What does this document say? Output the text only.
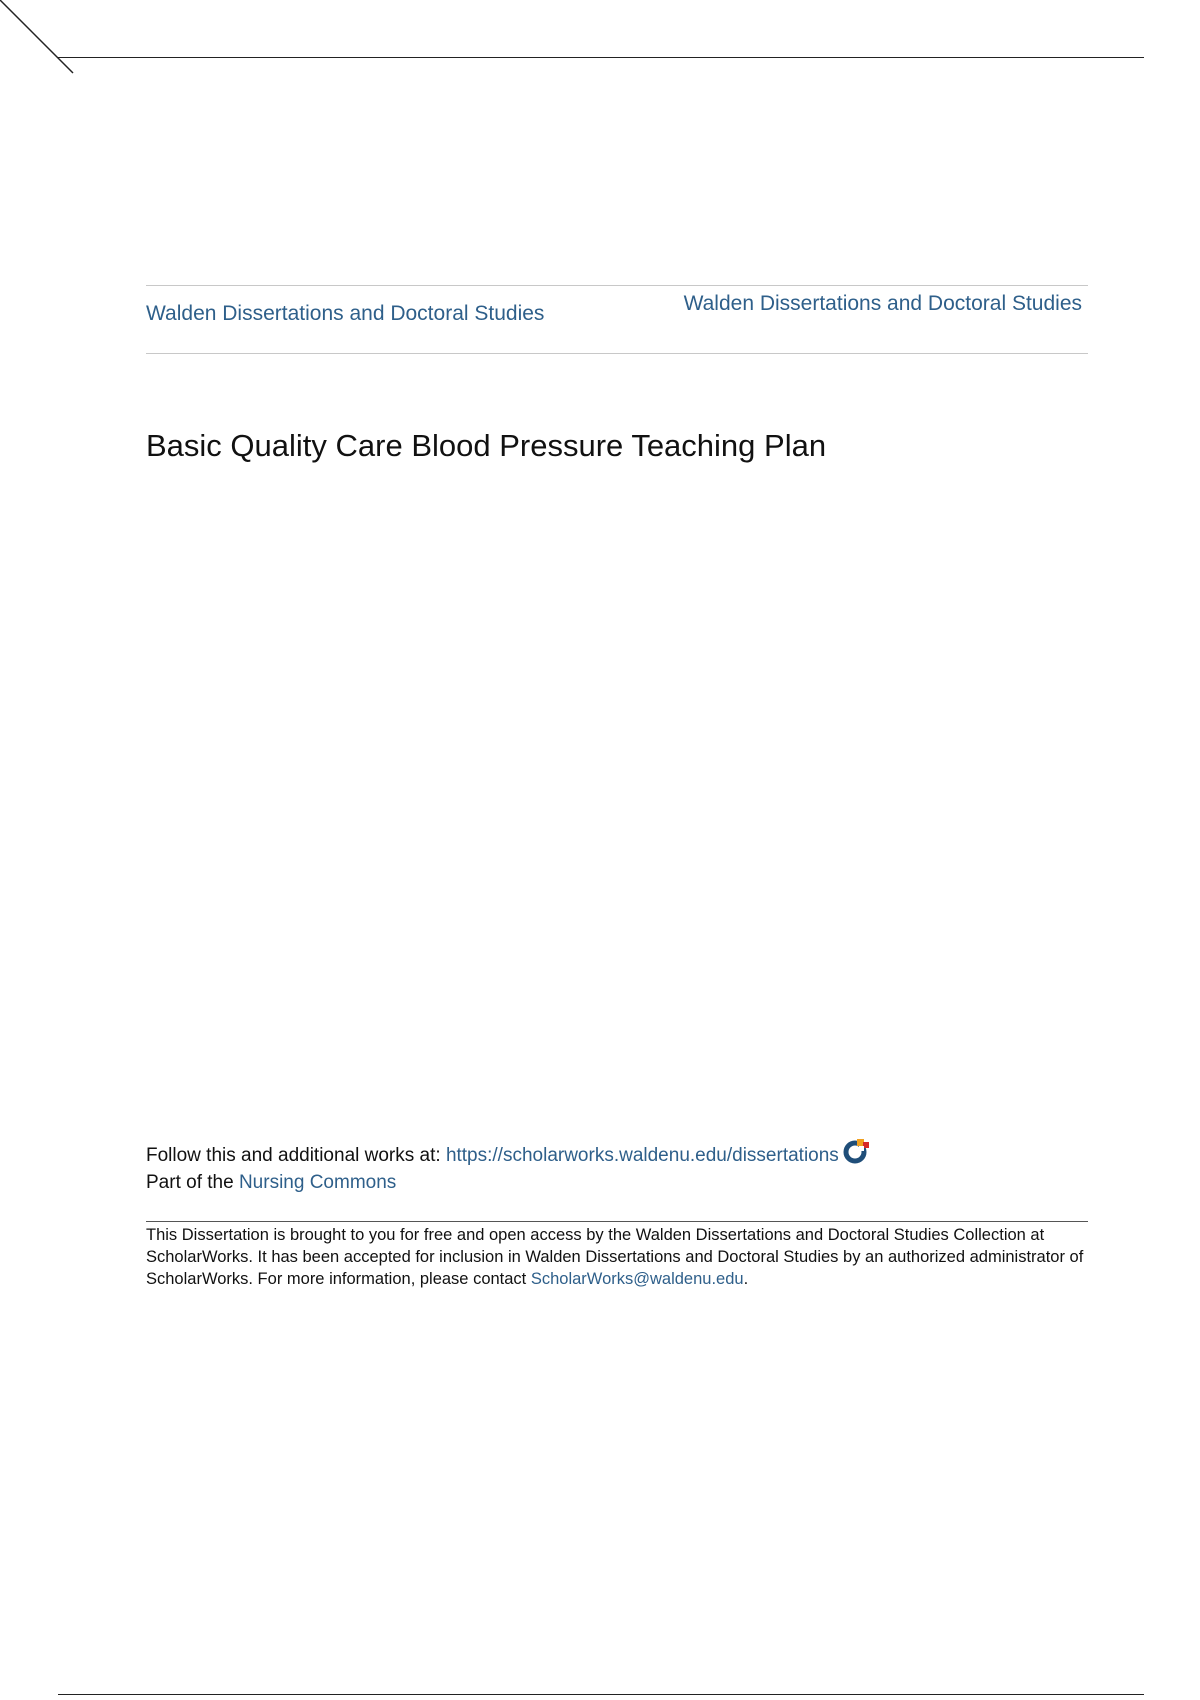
Walden Dissertations and Doctoral Studies	Walden Dissertations and Doctoral Studies
Basic Quality Care Blood Pressure Teaching Plan
Follow this and additional works at: https://scholarworks.waldenu.edu/dissertations
Part of the Nursing Commons
This Dissertation is brought to you for free and open access by the Walden Dissertations and Doctoral Studies Collection at ScholarWorks. It has been accepted for inclusion in Walden Dissertations and Doctoral Studies by an authorized administrator of ScholarWorks. For more information, please contact ScholarWorks@waldenu.edu.
